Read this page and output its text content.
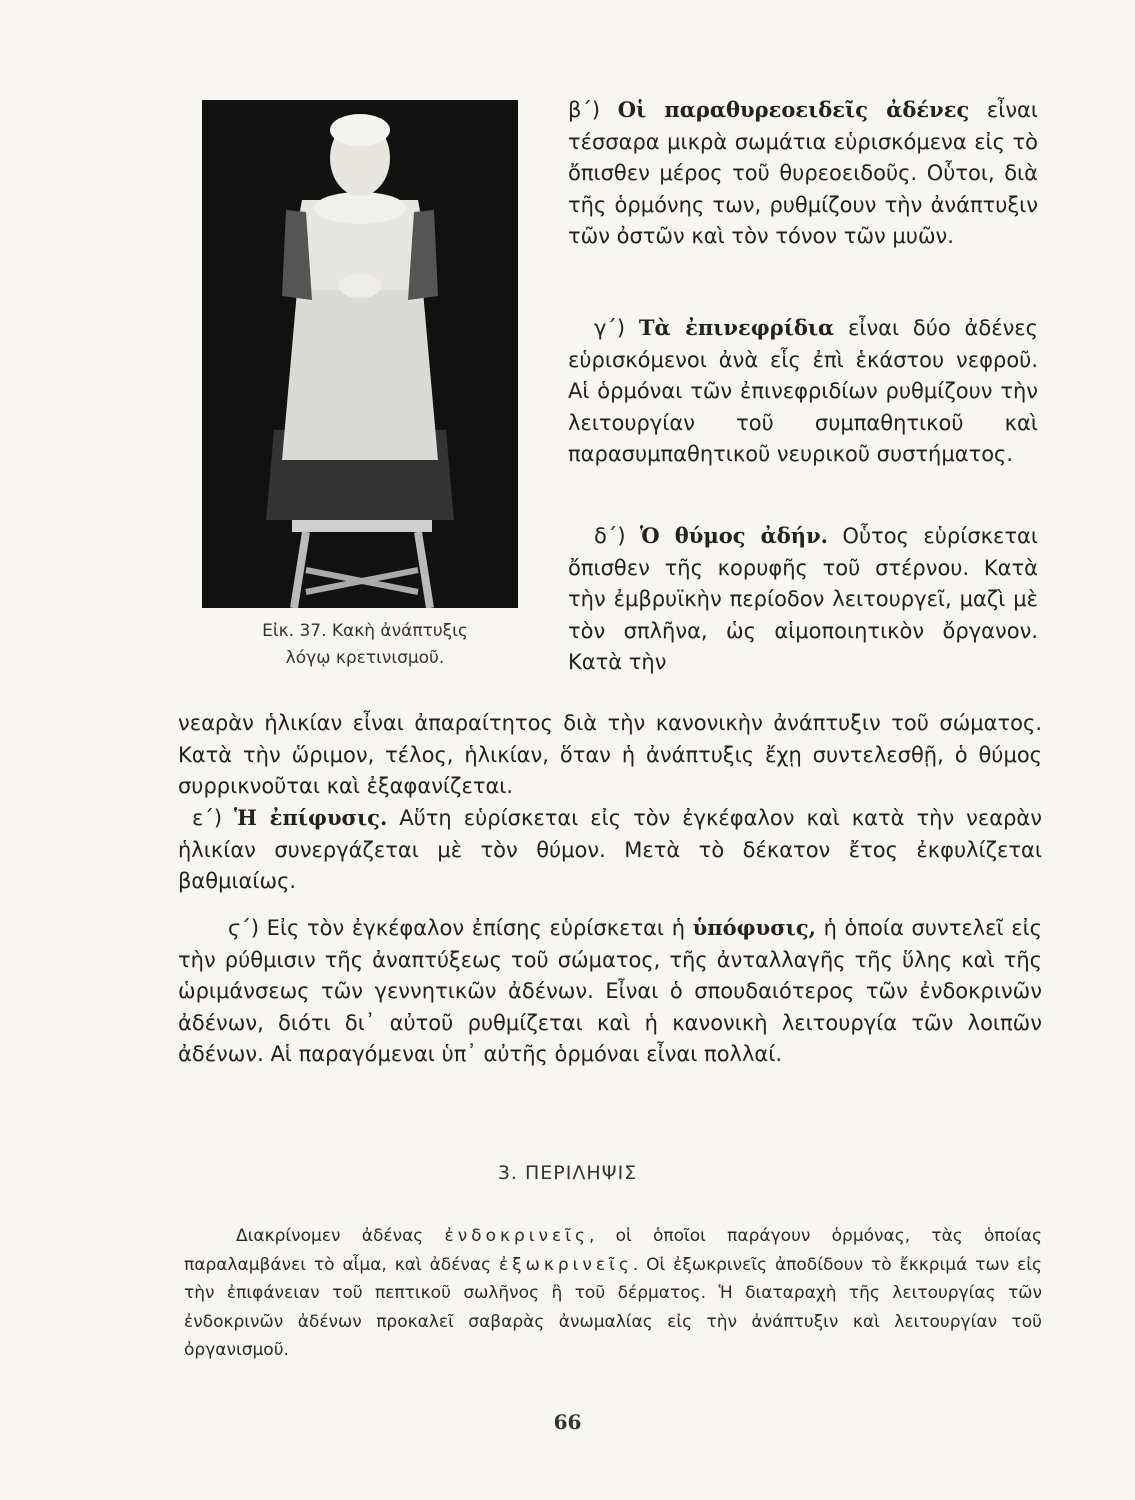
Εἰκ. 37. Κακὴ ἀνάπτυξις
λόγῳ κρετινισμοῦ.

β΄) Οἱ παραθυρεοειδεῖς ἀδένες εἶναι τέσσαρα μικρὰ σωμάτια εὑρισκόμενα εἰς τὸ ὄπισθεν μέρος τοῦ θυρεοειδοῦς. Οὗτοι, διὰ τῆς ὁρμόνης των, ρυθμίζουν τὴν ἀνάπτυξιν τῶν ὀστῶν καὶ τὸν τόνον τῶν μυῶν.

γ΄) Τὰ ἐπινεφρίδια εἶναι δύο ἀδένες εὑρισκόμενοι ἀνὰ εἷς ἐπὶ ἑκάστου νεφροῦ. Αἱ ὁρμόναι τῶν ἐπινεφριδίων ρυθμίζουν τὴν λειτουργίαν τοῦ συμπαθητικοῦ καὶ παρασυμπαθητικοῦ νευρικοῦ συστήματος.

δ΄) Ὁ θύμος ἀδήν. Οὗτος εὑρίσκεται ὄπισθεν τῆς κορυφῆς τοῦ στέρνου. Κατὰ τὴν ἐμβρυϊκὴν περίοδον λειτουργεῖ, μαζὶ μὲ τὸν σπλῆνα, ὡς αἱμοποιητικὸν ὄργανον. Κατὰ τὴν

νεαρὰν ἡλικίαν εἶναι ἀπαραίτητος διὰ τὴν κανονικὴν ἀνάπτυξιν τοῦ σώματος. Κατὰ τὴν ὥριμον, τέλος, ἡλικίαν, ὅταν ἡ ἀνάπτυξις ἔχῃ συντελεσθῇ, ὁ θύμος συρρικνοῦται καὶ ἐξαφανίζεται.

ε΄) Ἡ ἐπίφυσις. Αὕτη εὑρίσκεται εἰς τὸν ἐγκέφαλον καὶ κατὰ τὴν νεαρὰν ἡλικίαν συνεργάζεται μὲ τὸν θύμον. Μετὰ τὸ δέκατον ἔτος ἐκφυλίζεται βαθμιαίως.

ϛ΄) Εἰς τὸν ἐγκέφαλον ἐπίσης εὑρίσκεται ἡ ὑπόφυσις, ἡ ὁποία συντελεῖ εἰς τὴν ρύθμισιν τῆς ἀναπτύξεως τοῦ σώματος, τῆς ἀνταλλαγῆς τῆς ὕλης καὶ τῆς ὡριμάνσεως τῶν γεννητικῶν ἀδένων. Εἶναι ὁ σπουδαιότερος τῶν ἐνδοκρινῶν ἀδένων, διότι δι᾽ αὐτοῦ ρυθμίζεται καὶ ἡ κανονικὴ λειτουργία τῶν λοιπῶν ἀδένων. Αἱ παραγόμεναι ὑπ᾽ αὐτῆς ὁρμόναι εἶναι πολλαί.

3. ΠΕΡΙΛΗΨΙΣ

Διακρίνομεν ἀδένας ἐνδοκρινεῖς, οἱ ὁποῖοι παράγουν ὁρμόνας, τὰς ὁποίας παραλαμβάνει τὸ αἷμα, καὶ ἀδένας ἐξωκρινεῖς. Οἱ ἐξωκρινεῖς ἀποδίδουν τὸ ἔκκριμά των εἰς τὴν ἐπιφάνειαν τοῦ πεπτικοῦ σωλῆνος ἢ τοῦ δέρματος. Ἡ διαταραχὴ τῆς λειτουργίας τῶν ἐνδοκρινῶν ἀδένων προκαλεῖ σαβαρὰς ἀνωμαλίας εἰς τὴν ἀνάπτυξιν καὶ λειτουργίαν τοῦ ὀργανισμοῦ.

66
